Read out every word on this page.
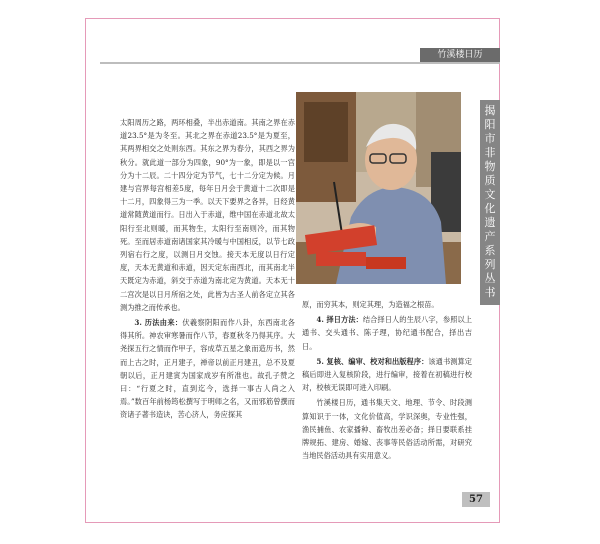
竹溪楼日历
揭
阳
市
非
物
质
文
化
遗
产
系
列
丛
书
·
民
俗

太阳周历之路，两环相叠，半出赤道南。其南之界在赤道23.5°是为冬至。其北之界在赤道23.5°是为夏至，其两界相交之处则东西。其东之界为春分，其西之界为秋分。就此道一部分为四象，90°为一象，即是以一宫分为十二辰。二十四分定为节气，七十二分定为候。月建与宫界每宫相差5度，每年日月会于黄道十二次即是十二月，四象得三为一季。以天下要界之各异，日经黄道常随黄道而行。日出入于赤道，维中国在赤道北故太阳行至北则暖，而其物生，太阳行至南则冷，而其物死。至而居赤道南诸国家其冷暖与中国相反，以节七政列宿右行之度，以测日月交蚀。接天本无度以日行定度，天本无黄道和赤道，因天定东南西北，而其南北半天既定为赤道，斜交于赤道为南北定为黄道。天本无十二宫次是以日月所宿之处，此皆为古圣人前各定立其各测为推之而传承也。

3. 历法由来：伏羲察阴阳而作八卦，东西南北各得其所。神农审寒暑而作八节，春夏秋冬乃得其序。大尧探五行之情而作甲子，容成草五星之象而造历书，然而上古之时，正月建子，禅帝以前正月建丑，总不及夏朝以后，正月建寅为国家成岁有所准也。故孔子赞之曰：“行夏之时，直到迄今，选择一事古人尚之入焉。”数百年前杨筠松撰写于明师之名，又而邪筋曾撰而资诸子著书造诀，苦心济人，务应探其

原，而穷其本，则定其理，为造福之根苗。

4. 择日方法：结合择日人的生辰八字，参照以上通书、交头通书、陈子理，协纪通书配合，择出吉日。

5. 复核、编审、校对和出版程序：该通书测算定稿后即进入复核阶段，进行编审，接着在初稿进行校对，校核无误即可进入印刷。

竹溪楼日历，通书集天文、地理、节令、时段测算知识于一体，文化价值高，学识深奥，专业性强，渔民捕鱼、农家播种、畜牧出差必备；择日要联系挂牌规拓、建房、婚嫁、丧事等民俗活动所需，对研究当地民俗活动具有实用意义。

57
